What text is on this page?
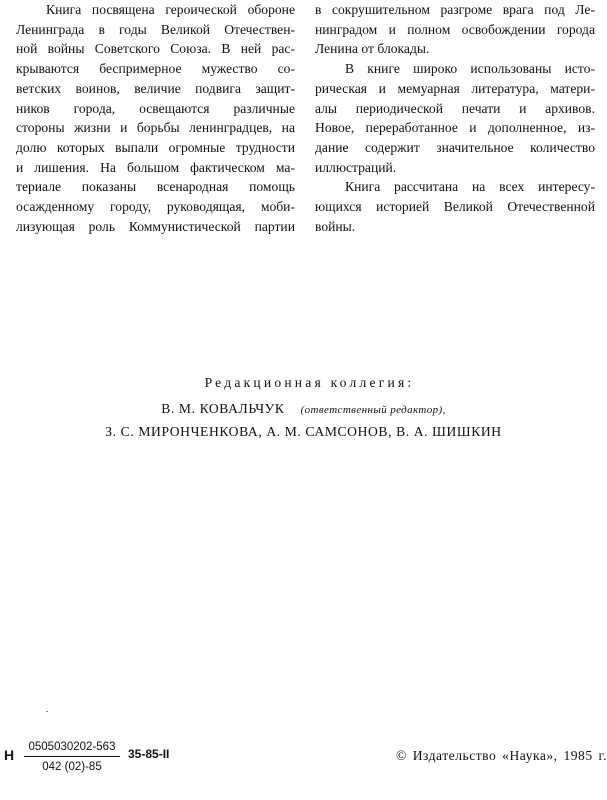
Книга посвящена героической обороне
Ленинграда в годы Великой Отечествен-
ной войны Советского Союза. В ней рас-
крываются беспримерное мужество со-
ветских воинов, величие подвига защит-
ников города, освещаются различные
стороны жизни и борьбы ленинградцев, на
долю которых выпали огромные трудности
и лишения. На большом фактическом ма-
териале показаны всенародная помощь
осажденному городу, руководящая, моби-
лизующая роль Коммунистической партии

в сокрушительном разгроме врага под Ле-
нинградом и полном освобождении города
Ленина от блокады.

В книге широко использованы исто-
рическая и мемуарная литература, матери-
алы периодической печати и архивов.
Новое, переработанное и дополненное, из-
дание содержит значительное количество
иллюстраций.

Книга рассчитана на всех интересу-
ющихся историей Великой Отечественной
войны.

Редакционная коллегия:
В. М. КОВАЛЬЧУК (ответственный редактор),
З. С. МИРОНЧЕНКОВА, А. М. САМСОНОВ, В. А. ШИШКИН
Н	0505030202-563
042 (02)-85
35-85-II	© Издательство «Наука», 1985 г.
